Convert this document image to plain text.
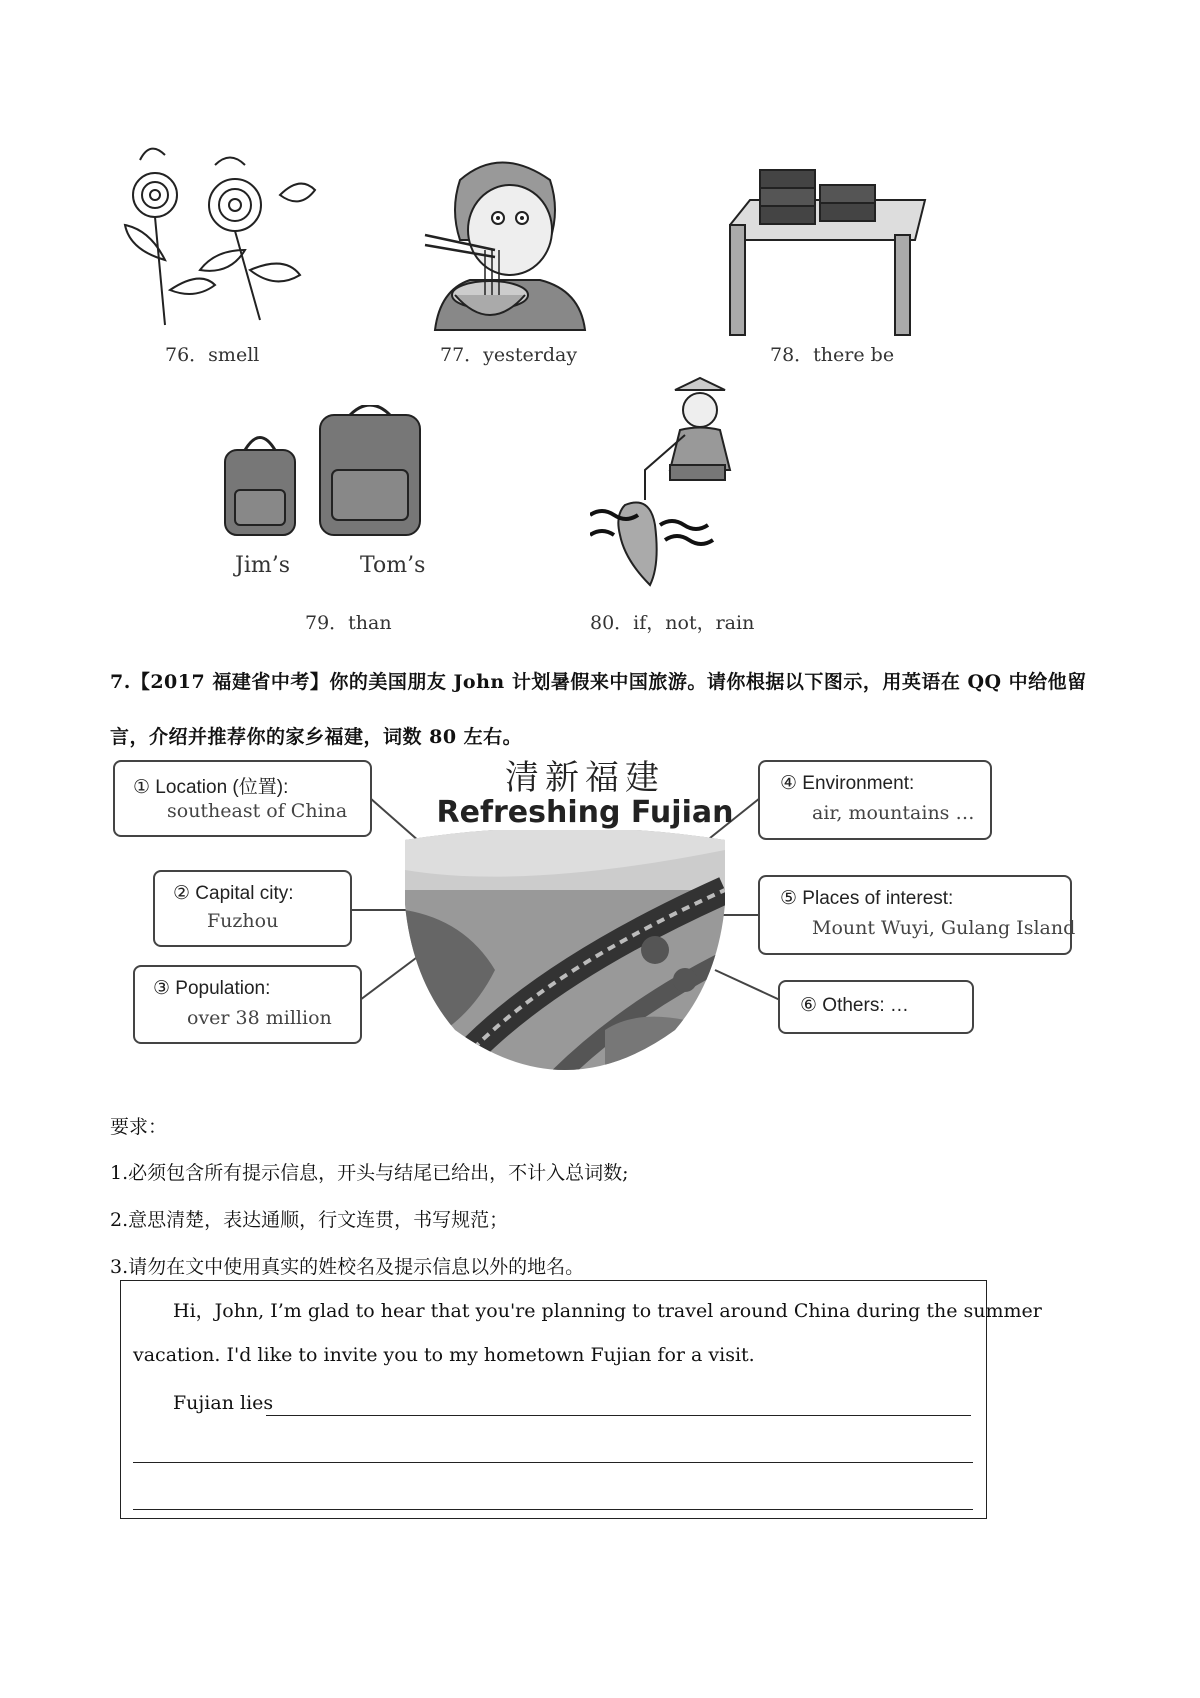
76．smell	77．yesterday	78．there be
Jim’s	Tom’s
79．than	80．if，not，rain
7.【2017 福建省中考】你的美国朋友 John 计划暑假来中国旅游。请你根据以下图示，用英语在 QQ 中给他留言，介绍并推荐你的家乡福建，词数 80 左右。
清新福建
Refreshing Fujian
① Location (位置):
southeast of China
② Capital city:
Fuzhou
③ Population:
over 38 million
④ Environment:
air, mountains …
⑤ Places of interest:
Mount Wuyi, Gulang Island
⑥ Others: …
要求：
1.必须包含所有提示信息，开头与结尾已给出，不计入总词数;
2.意思清楚，表达通顺，行文连贯，书写规范；
3.请勿在文中使用真实的姓校名及提示信息以外的地名。
Hi，John, I’m glad to hear that you're planning to travel around China during the summer
vacation. I'd like to invite you to my hometown Fujian for a visit.
Fujian lies
